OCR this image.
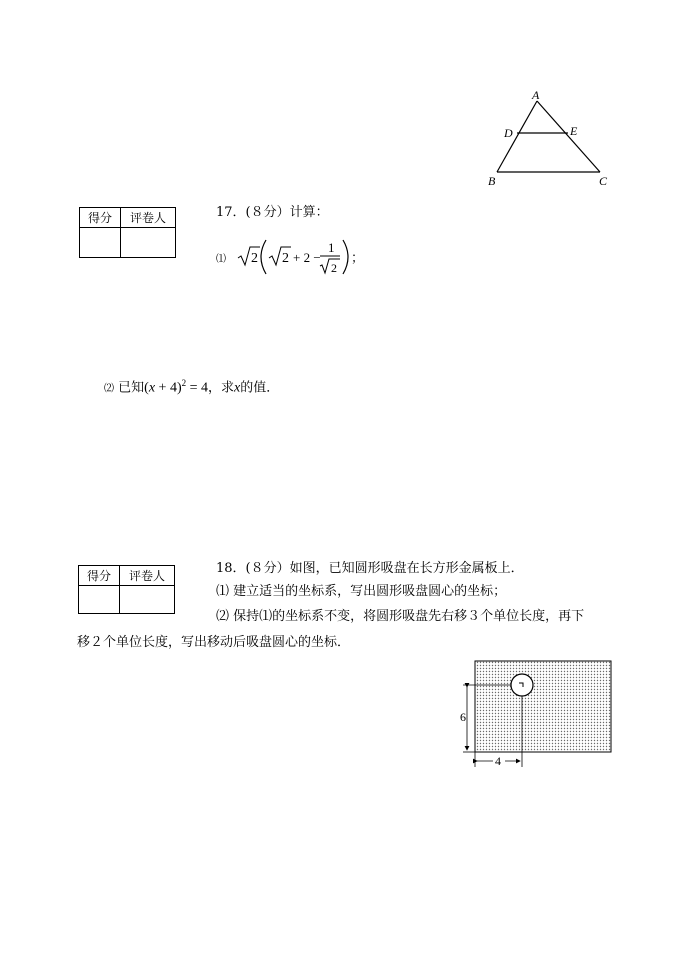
A
D	E
B	C
得分	评卷人
		17．(８分）计算：
⑴ 2 2 + 2 −
1
2
；
⑵ 已知$(x + 4)^2 = 4$，求x的值．
得分	评卷人
		18．(８分）如图，已知圆形吸盘在长方形金属板上．
⑴ 建立适当的坐标系，写出圆形吸盘圆心的坐标；
⑵ 保持⑴的坐标系不变，将圆形吸盘先右移３个单位长度，再下
移２个单位长度，写出移动后吸盘圆心的坐标．
6
4
